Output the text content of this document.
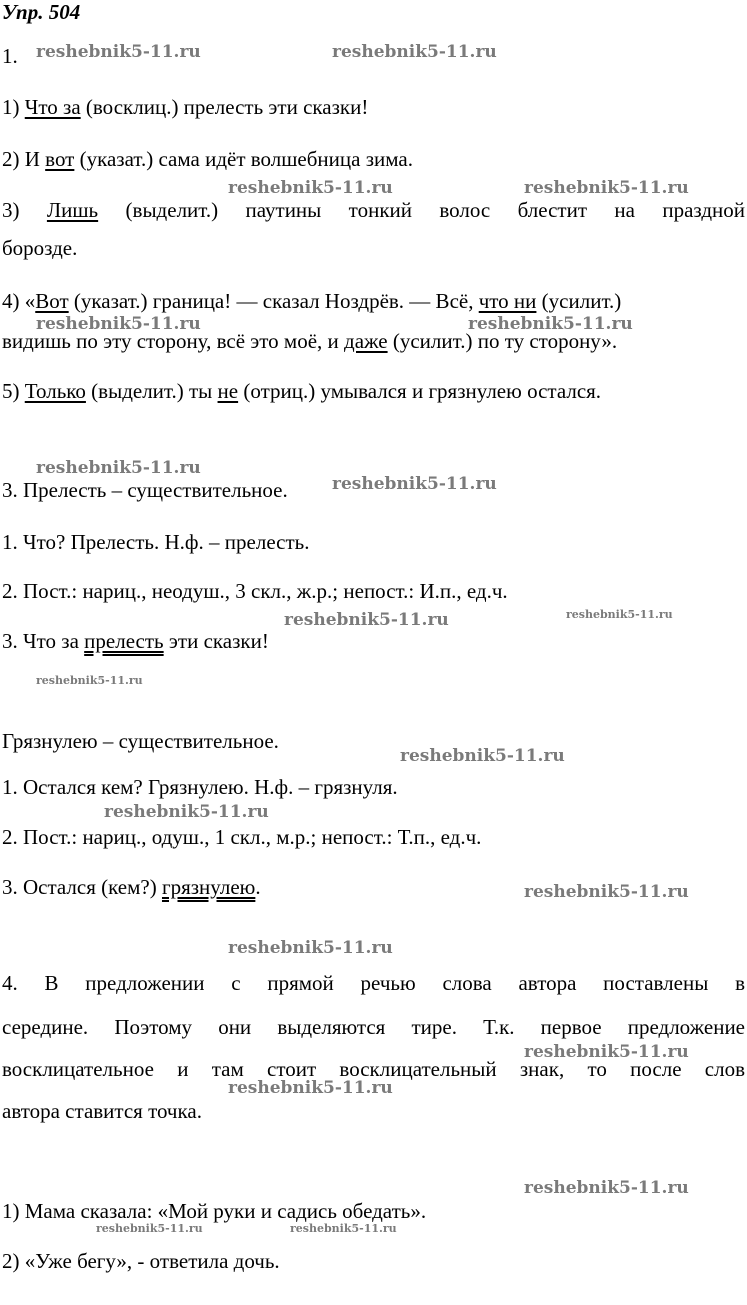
Упр. 504
1.
1) Что за (восклиц.) прелесть эти сказки!
2) И вот (указат.) сама идёт волшебница зима.
3) Лишь (выделит.) паутины тонкий волос блестит на праздной
борозде.
4) «Вот (указат.) граница! — сказал Ноздрёв. — Всё, что ни (усилит.)
видишь по эту сторону, всё это моё, и даже (усилит.) по ту сторону».
5) Только (выделит.) ты не (отриц.) умывался и грязнулею остался.
3. Прелесть – существительное.
1. Что? Прелесть. Н.ф. – прелесть.
2. Пост.: нариц., неодуш., 3 скл., ж.р.; непост.: И.п., ед.ч.
3. Что за прелесть эти сказки!
Грязнулею – существительное.
1. Остался кем? Грязнулею. Н.ф. – грязнуля.
2. Пост.: нариц., одуш., 1 скл., м.р.; непост.: Т.п., ед.ч.
3. Остался (кем?) грязнулею.
4. В предложении с прямой речью слова автора поставлены в
середине. Поэтому они выделяются тире. Т.к. первое предложение
восклицательное и там стоит восклицательный знак, то после слов
автора ставится точка.
1) Мама сказала: «Мой руки и садись обедать».
2) «Уже бегу», - ответила дочь.
reshebnik5-11.ru	reshebnik5-11.ru
reshebnik5-11.ru	reshebnik5-11.ru
reshebnik5-11.ru	reshebnik5-11.ru
reshebnik5-11.ru
reshebnik5-11.ru
reshebnik5-11.ru	reshebnik5-11.ru
reshebnik5-11.ru
reshebnik5-11.ru
reshebnik5-11.ru
reshebnik5-11.ru
reshebnik5-11.ru
reshebnik5-11.ru
reshebnik5-11.ru
reshebnik5-11.ru
reshebnik5-11.ru	reshebnik5-11.ru
